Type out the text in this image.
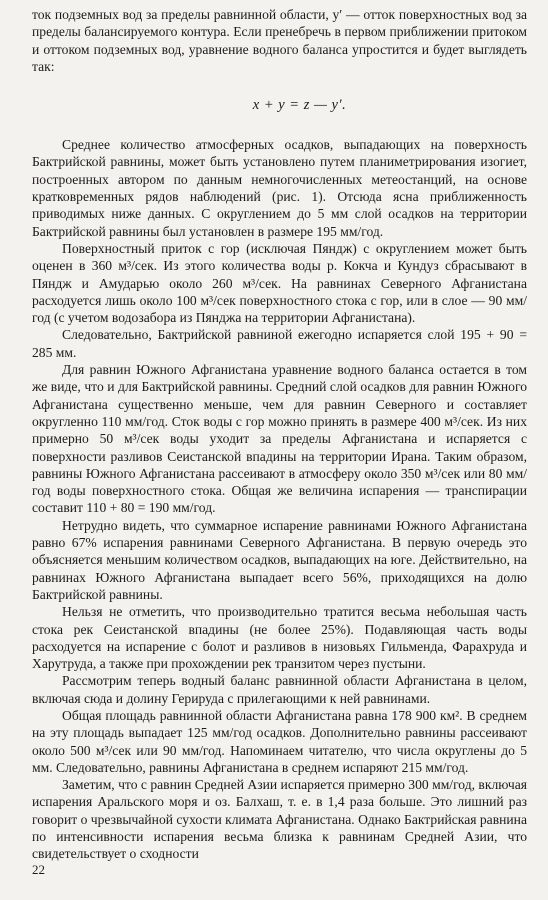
ток подземных вод за пределы равнинной области, y′ — отток поверхностных вод за пределы балансируемого контура. Если пренебречь в первом приближении притоком и оттоком подземных вод, уравнение водного баланса упростится и будет выглядеть так:

x + y = z — y′.

Среднее количество атмосферных осадков, выпадающих на поверхность Бактрийской равнины, может быть установлено путем планиметрирования изогиет, построенных автором по данным немногочисленных метеостанций, на основе кратковременных рядов наблюдений (рис. 1). Отсюда ясна приближенность приводимых ниже данных. С округлением до 5 мм слой осадков на территории Бактрийской равнины был установлен в размере 195 мм/год.

Поверхностный приток с гор (исключая Пяндж) с округлением может быть оценен в 360 м³/сек. Из этого количества воды р. Кокча и Кундуз сбрасывают в Пяндж и Амударью около 260 м³/сек. На равнинах Северного Афганистана расходуется лишь около 100 м³/сек поверхностного стока с гор, или в слое — 90 мм/год (с учетом водозабора из Пянджа на территории Афганистана).

Следовательно, Бактрийской равниной ежегодно испаряется слой 195 + 90 = 285 мм.

Для равнин Южного Афганистана уравнение водного баланса остается в том же виде, что и для Бактрийской равнины. Средний слой осадков для равнин Южного Афганистана существенно меньше, чем для равнин Северного и составляет округленно 110 мм/год. Сток воды с гор можно принять в размере 400 м³/сек. Из них примерно 50 м³/сек воды уходит за пределы Афганистана и испаряется с поверхности разливов Сеистанской впадины на территории Ирана. Таким образом, равнины Южного Афганистана рассеивают в атмосферу около 350 м³/сек или 80 мм/год воды поверхностного стока. Общая же величина испарения — транспирации составит 110 + 80 = 190 мм/год.

Нетрудно видеть, что суммарное испарение равнинами Южного Афганистана равно 67% испарения равнинами Северного Афганистана. В первую очередь это объясняется меньшим количеством осадков, выпадающих на юге. Действительно, на равнинах Южного Афганистана выпадает всего 56%, приходящихся на долю Бактрийской равнины.

Нельзя не отметить, что производительно тратится весьма небольшая часть стока рек Сеистанской впадины (не более 25%). Подавляющая часть воды расходуется на испарение с болот и разливов в низовьях Гильменда, Фарахруда и Харутруда, а также при прохождении рек транзитом через пустыни.

Рассмотрим теперь водный баланс равнинной области Афганистана в целом, включая сюда и долину Герируда с прилегающими к ней равнинами.

Общая площадь равнинной области Афганистана равна 178 900 км². В среднем на эту площадь выпадает 125 мм/год осадков. Дополнительно равнины рассеивают около 500 м³/сек или 90 мм/год. Напоминаем читателю, что числа округлены до 5 мм. Следовательно, равнины Афганистана в среднем испаряют 215 мм/год.

Заметим, что с равнин Средней Азии испаряется примерно 300 мм/год, включая испарения Аральского моря и оз. Балхаш, т. е. в 1,4 раза больше. Это лишний раз говорит о чрезвычайной сухости климата Афганистана. Однако Бактрийская равнина по интенсивности испарения весьма близка к равнинам Средней Азии, что свидетельствует о сходности

22
